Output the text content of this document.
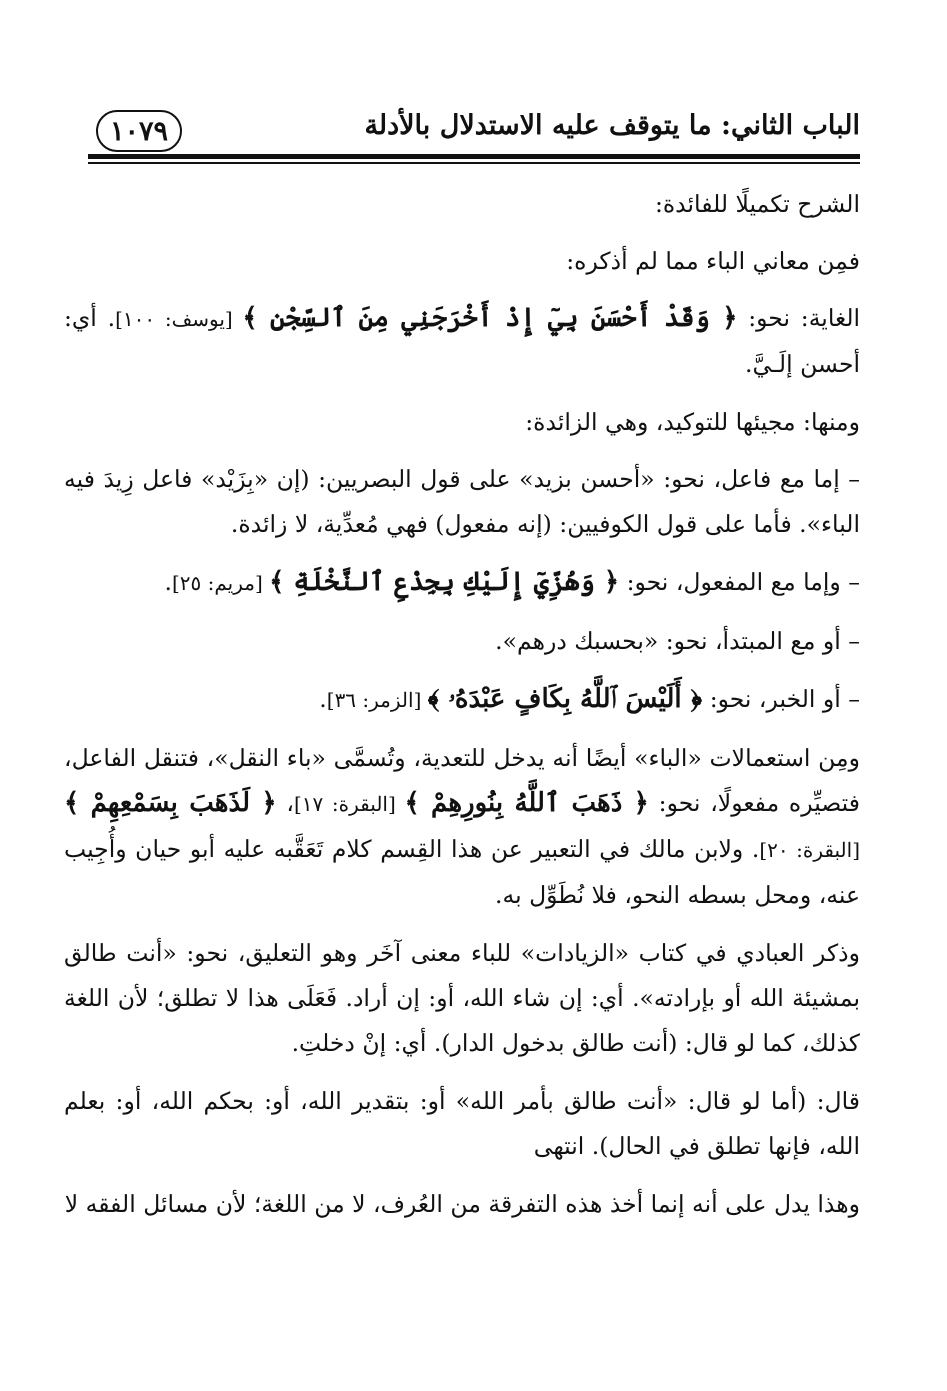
١٠٧٩	الباب الثاني: ما يتوقف عليه الاستدلال بالأدلة

الشرح تكميلًا للفائدة:

فمِن معاني الباء مما لم أذكره:

الغاية: نحو: ﴿ وَقَدْ أَحْسَنَ بِيٓ إِذْ أَخْرَجَنِي مِنَ ٱلسِّجْنِ ﴾ [يوسف: ١٠٠]. أي: أحسن إلَـيَّ.

ومنها: مجيئها للتوكيد، وهي الزائدة:

– إما مع فاعل، نحو: «أحسن بزيد» على قول البصريين: (إن «بِزَيْد» فاعل زِيدَ فيه الباء». فأما على قول الكوفيين: (إنه مفعول) فهي مُعدِّية، لا زائدة.

– وإما مع المفعول، نحو: ﴿ وَهُزِّيٓ إِلَيْكِ بِجِذْعِ ٱلنَّخْلَةِ ﴾ [مريم: ٢٥].

– أو مع المبتدأ، نحو: «بحسبك درهم».

– أو الخبر، نحو: ﴿ أَلَيْسَ ٱللَّهُ بِكَافٍ عَبْدَهُۥ ﴾ [الزمر: ٣٦].

ومِن استعمالات «الباء» أيضًا أنه يدخل للتعدية، وتُسمَّى «باء النقل»، فتنقل الفاعل، فتصيِّره مفعولًا، نحو: ﴿ ذَهَبَ ٱللَّهُ بِنُورِهِمْ ﴾ [البقرة: ١٧]، ﴿ لَذَهَبَ بِسَمْعِهِمْ ﴾ [البقرة: ٢٠]. ولابن مالك في التعبير عن هذا القِسم كلام تَعَقَّبه عليه أبو حيان وأُجِيب عنه، ومحل بسطه النحو، فلا نُطَوِّل به.

وذكر العبادي في كتاب «الزيادات» للباء معنى آخَر وهو التعليق، نحو: «أنت طالق بمشيئة الله أو بإرادته». أي: إن شاء الله، أو: إن أراد. فَعَلَى هذا لا تطلق؛ لأن اللغة كذلك، كما لو قال: (أنت طالق بدخول الدار). أي: إنْ دخلتِ.

قال: (أما لو قال: «أنت طالق بأمر الله» أو: بتقدير الله، أو: بحكم الله، أو: بعلم الله، فإنها تطلق في الحال). انتهى

وهذا يدل على أنه إنما أخذ هذه التفرقة من العُرف، لا من اللغة؛ لأن مسائل الفقه لا
